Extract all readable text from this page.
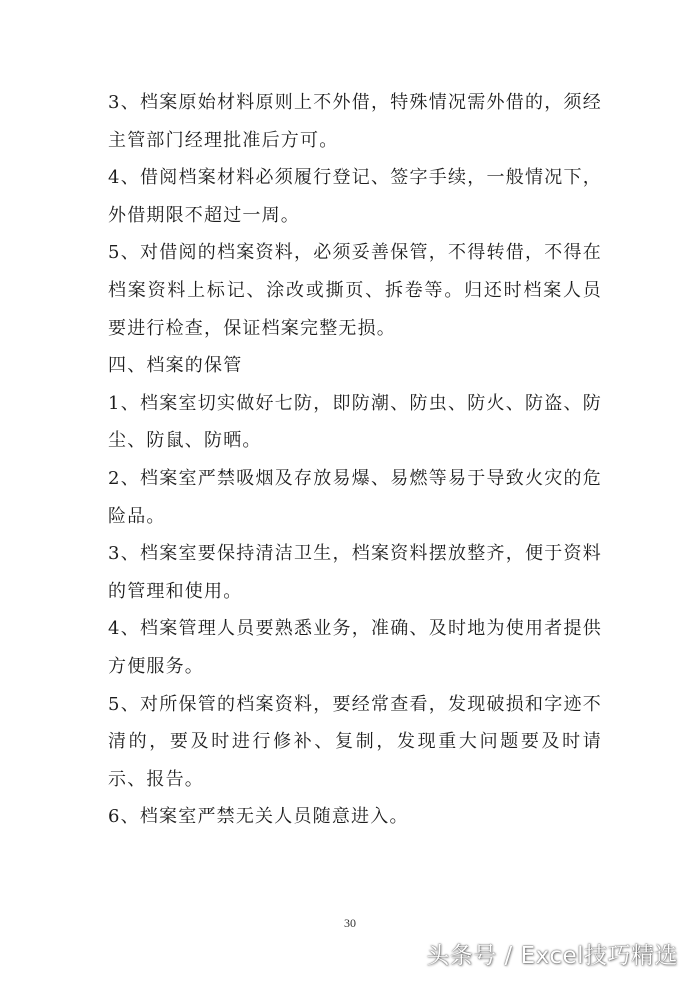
3、档案原始材料原则上不外借，特殊情况需外借的，须经主管部门经理批准后方可。

4、借阅档案材料必须履行登记、签字手续，一般情况下，外借期限不超过一周。

5、对借阅的档案资料，必须妥善保管，不得转借，不得在档案资料上标记、涂改或撕页、拆卷等。归还时档案人员要进行检查，保证档案完整无损。

四、档案的保管

1、档案室切实做好七防，即防潮、防虫、防火、防盗、防尘、防鼠、防晒。

2、档案室严禁吸烟及存放易爆、易燃等易于导致火灾的危险品。

3、档案室要保持清洁卫生，档案资料摆放整齐，便于资料的管理和使用。

4、档案管理人员要熟悉业务，准确、及时地为使用者提供方便服务。

5、对所保管的档案资料，要经常查看，发现破损和字迹不清的，要及时进行修补、复制，发现重大问题要及时请示、报告。

6、档案室严禁无关人员随意进入。

30
头条号 / Excel技巧精选
